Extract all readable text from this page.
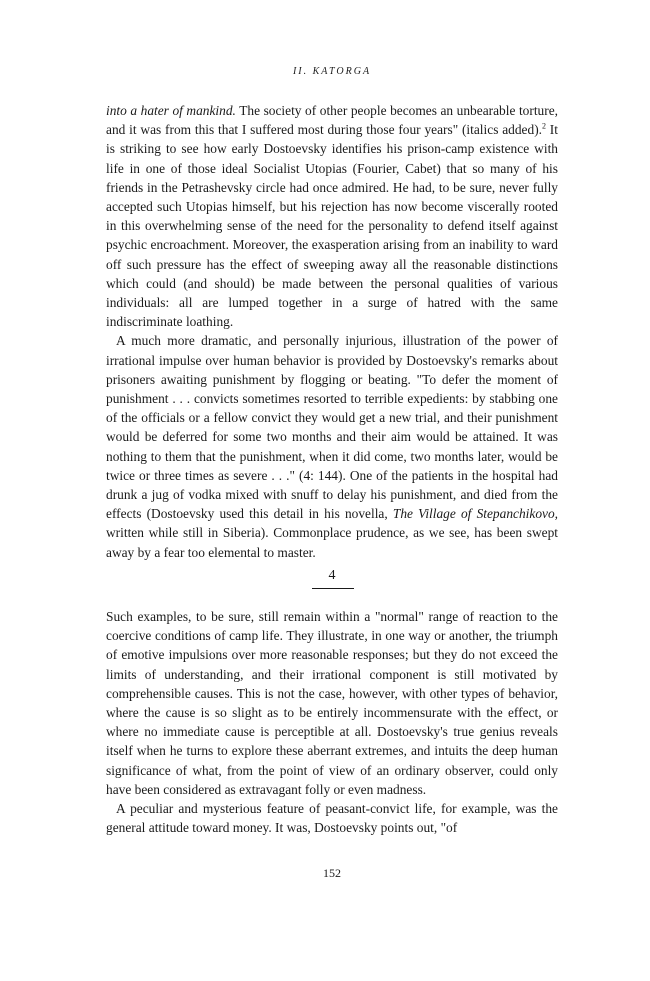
II. KATORGA

into a hater of mankind. The society of other people becomes an unbearable torture, and it was from this that I suffered most during those four years" (italics added).$^2$ It is striking to see how early Dostoevsky identifies his prison-camp existence with life in one of those ideal Socialist Utopias (Fourier, Cabet) that so many of his friends in the Petrashevsky circle had once admired. He had, to be sure, never fully accepted such Utopias himself, but his rejection has now become viscerally rooted in this overwhelming sense of the need for the personality to defend itself against psychic encroachment. Moreover, the exasperation arising from an inability to ward off such pressure has the effect of sweeping away all the reasonable distinctions which could (and should) be made between the personal qualities of various individuals: all are lumped together in a surge of hatred with the same indiscriminate loathing.

A much more dramatic, and personally injurious, illustration of the power of irrational impulse over human behavior is provided by Dostoevsky's remarks about prisoners awaiting punishment by flogging or beating. "To defer the moment of punishment . . . convicts sometimes resorted to terrible expedients: by stabbing one of the officials or a fellow convict they would get a new trial, and their punishment would be deferred for some two months and their aim would be attained. It was nothing to them that the punishment, when it did come, two months later, would be twice or three times as severe . . ." (4: 144). One of the patients in the hospital had drunk a jug of vodka mixed with snuff to delay his punishment, and died from the effects (Dostoevsky used this detail in his novella, The Village of Stepanchikovo, written while still in Siberia). Commonplace prudence, as we see, has been swept away by a fear too elemental to master.

4

Such examples, to be sure, still remain within a "normal" range of reaction to the coercive conditions of camp life. They illustrate, in one way or another, the triumph of emotive impulsions over more reasonable responses; but they do not exceed the limits of understanding, and their irrational component is still motivated by comprehensible causes. This is not the case, however, with other types of behavior, where the cause is so slight as to be entirely incommensurate with the effect, or where no immediate cause is perceptible at all. Dostoevsky's true genius reveals itself when he turns to explore these aberrant extremes, and intuits the deep human significance of what, from the point of view of an ordinary observer, could only have been considered as extravagant folly or even madness.

A peculiar and mysterious feature of peasant-convict life, for example, was the general attitude toward money. It was, Dostoevsky points out, "of

152
